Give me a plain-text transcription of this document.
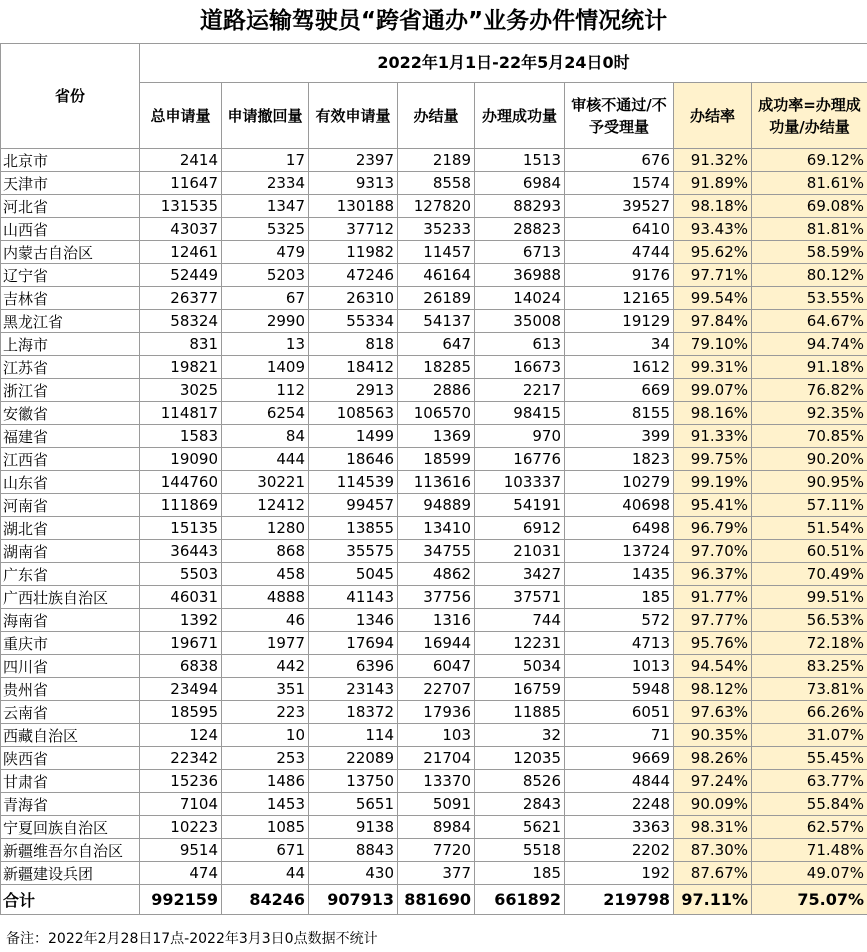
道路运输驾驶员“跨省通办”业务办件情况统计
省份	2022年1月1日-22年5月24日0时							
	总申请量	申请撤回量	有效申请量	办结量	办理成功量	审核不通过/不予受理量	办结率	成功率=办理成功量/办结量
北京市	2414	17	2397	2189	1513	676	91.32%	69.12%
天津市	11647	2334	9313	8558	6984	1574	91.89%	81.61%
河北省	131535	1347	130188	127820	88293	39527	98.18%	69.08%
山西省	43037	5325	37712	35233	28823	6410	93.43%	81.81%
内蒙古自治区	12461	479	11982	11457	6713	4744	95.62%	58.59%
辽宁省	52449	5203	47246	46164	36988	9176	97.71%	80.12%
吉林省	26377	67	26310	26189	14024	12165	99.54%	53.55%
黑龙江省	58324	2990	55334	54137	35008	19129	97.84%	64.67%
上海市	831	13	818	647	613	34	79.10%	94.74%
江苏省	19821	1409	18412	18285	16673	1612	99.31%	91.18%
浙江省	3025	112	2913	2886	2217	669	99.07%	76.82%
安徽省	114817	6254	108563	106570	98415	8155	98.16%	92.35%
福建省	1583	84	1499	1369	970	399	91.33%	70.85%
江西省	19090	444	18646	18599	16776	1823	99.75%	90.20%
山东省	144760	30221	114539	113616	103337	10279	99.19%	90.95%
河南省	111869	12412	99457	94889	54191	40698	95.41%	57.11%
湖北省	15135	1280	13855	13410	6912	6498	96.79%	51.54%
湖南省	36443	868	35575	34755	21031	13724	97.70%	60.51%
广东省	5503	458	5045	4862	3427	1435	96.37%	70.49%
广西壮族自治区	46031	4888	41143	37756	37571	185	91.77%	99.51%
海南省	1392	46	1346	1316	744	572	97.77%	56.53%
重庆市	19671	1977	17694	16944	12231	4713	95.76%	72.18%
四川省	6838	442	6396	6047	5034	1013	94.54%	83.25%
贵州省	23494	351	23143	22707	16759	5948	98.12%	73.81%
云南省	18595	223	18372	17936	11885	6051	97.63%	66.26%
西藏自治区	124	10	114	103	32	71	90.35%	31.07%
陕西省	22342	253	22089	21704	12035	9669	98.26%	55.45%
甘肃省	15236	1486	13750	13370	8526	4844	97.24%	63.77%
青海省	7104	1453	5651	5091	2843	2248	90.09%	55.84%
宁夏回族自治区	10223	1085	9138	8984	5621	3363	98.31%	62.57%
新疆维吾尔自治区	9514	671	8843	7720	5518	2202	87.30%	71.48%
新疆建设兵团	474	44	430	377	185	192	87.67%	49.07%
合计	992159	84246	907913	881690	661892	219798	97.11%	75.07%
备注：2022年2月28日17点-2022年3月3日0点数据不统计
